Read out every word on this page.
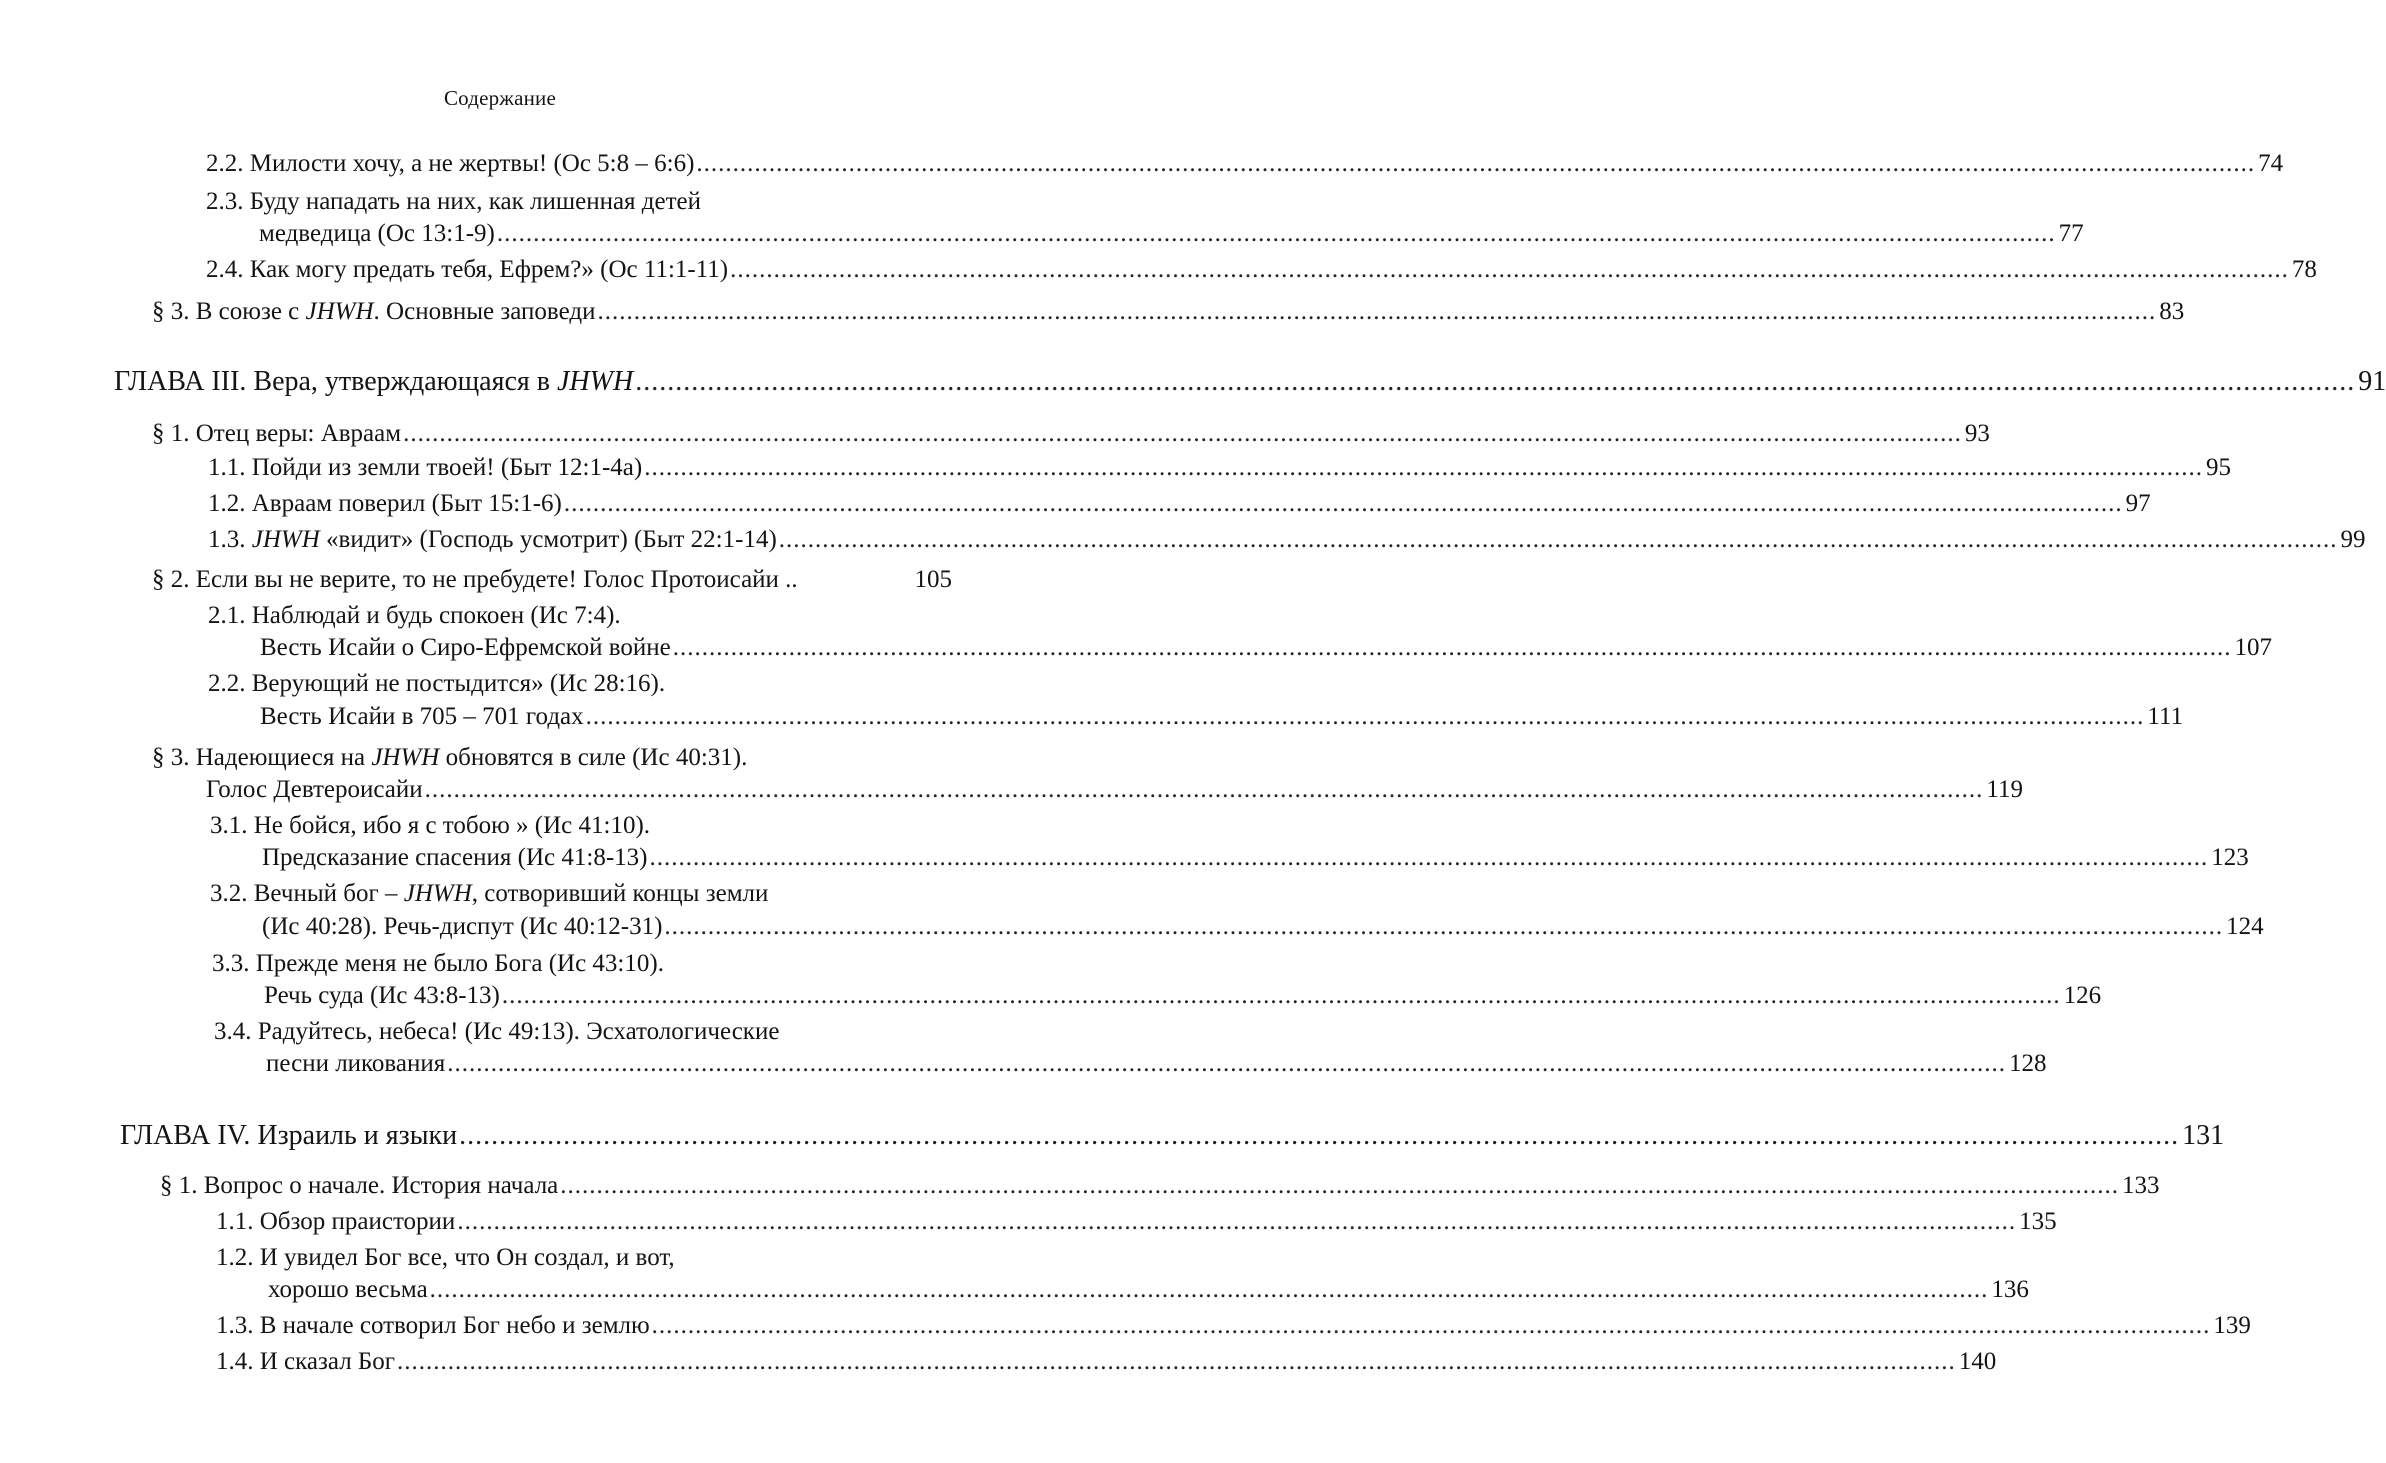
Содержание
2.2. Милости хочу, а не жертвы! (Ос 5:8 – 6:6) .....	74
2.3. Буду нападать на них, как лишенная детей
медведица (Ос 13:1-9) .....	77
2.4. Как могу предать тебя, Ефрем?» (Ос 11:1-11) .....	78
§ 3. В союзе с JHWH. Основные заповеди .....	83
ГЛАВА III. Вера, утверждающаяся в JHWH .....	91
§ 1. Отец веры: Авраам .....	93
1.1. Пойди из земли твоей! (Быт 12:1-4а) .....	95
1.2. Авраам поверил (Быт 15:1-6) .....	97
1.3. JHWH «видит» (Господь усмотрит) (Быт 22:1-14) .....	99
§ 2. Если вы не верите, то не пребудете! Голос Протоисайи ..	105
2.1. Наблюдай и будь спокоен (Ис 7:4).
Весть Исайи о Сиро-Ефремской войне .....	107
2.2. Верующий не постыдится» (Ис 28:16).
Весть Исайи в 705 – 701 годах .....	111
§ 3. Надеющиеся на JHWH обновятся в силе (Ис 40:31).
Голос Девтероисайи .....	119
3.1. Не бойся, ибо я с тобою » (Ис 41:10).
Предсказание спасения (Ис 41:8-13) .....	123
3.2. Вечный бог – JHWH, сотворивший концы земли
(Ис 40:28). Речь-диспут (Ис 40:12-31) .....	124
3.3. Прежде меня не было Бога (Ис 43:10).
Речь суда (Ис 43:8-13) .....	126
3.4. Радуйтесь, небеса! (Ис 49:13). Эсхатологические
песни ликования .....	128
ГЛАВА IV. Израиль и языки .....	131
§ 1. Вопрос о начале. История начала .....	133
1.1. Обзор праистории .....	135
1.2. И увидел Бог все, что Он создал, и вот,
хорошо весьма .....	136
1.3. В начале сотворил Бог небо и землю .....	139
1.4. И сказал Бог .....	140
